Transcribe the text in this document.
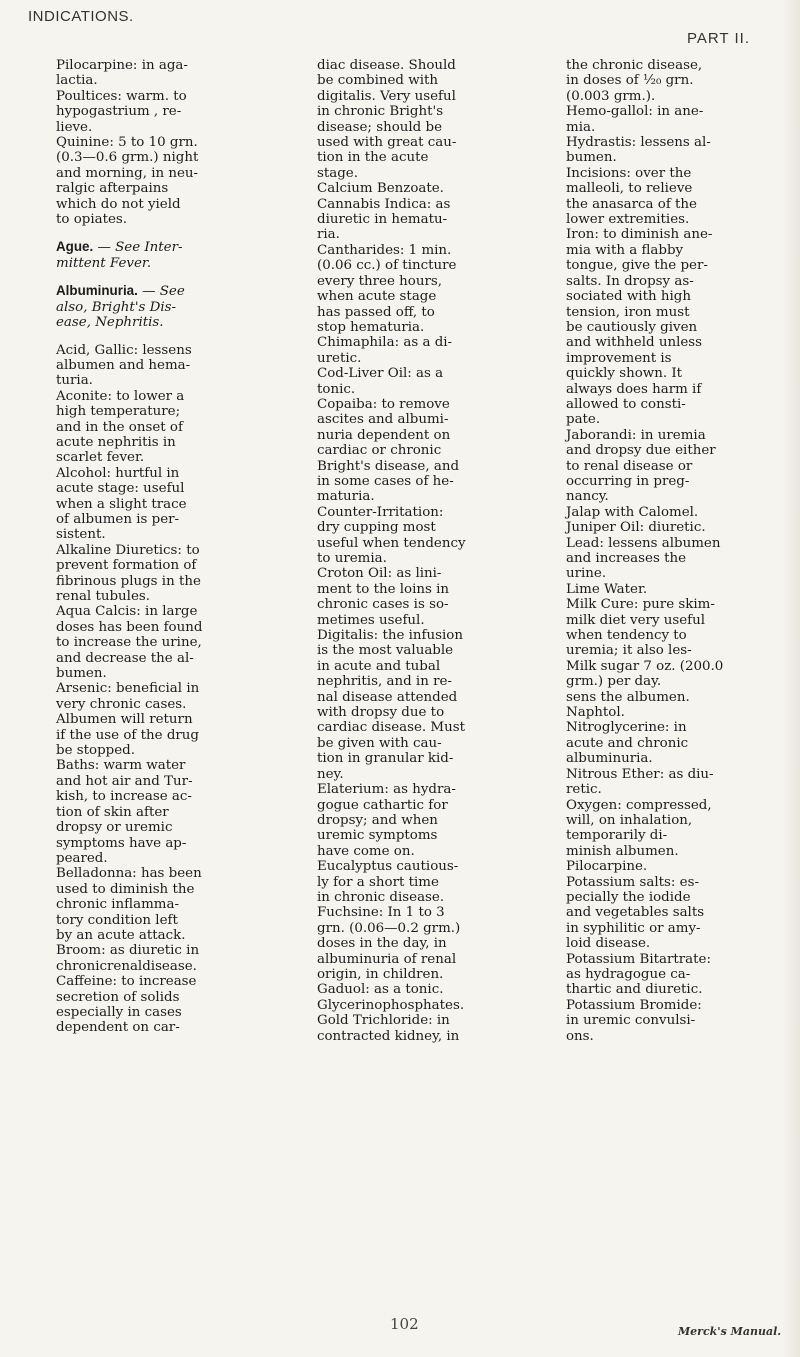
INDICATIONS.
PART II.

Pilocarpine: in aga-
lactia.

Poultices: warm. to
hypogastrium , re-
lieve.

Quinine: 5 to 10 grn.
(0.3—0.6 grm.) night
and morning, in neu-
ralgic afterpains
which do not yield
to opiates.

Ague. — See Inter-
mittent Fever.

Albuminuria. — See
also, Bright's Dis-
ease, Nephritis.

Acid, Gallic: lessens
albumen and hema-
turia.

Aconite: to lower a
high temperature;
and in the onset of
acute nephritis in
scarlet fever.

Alcohol: hurtful in
acute stage: useful
when a slight trace
of albumen is per-
sistent.

Alkaline Diuretics: to
prevent formation of
fibrinous plugs in the
renal tubules.

Aqua Calcis: in large
doses has been found
to increase the urine,
and decrease the al-
bumen.

Arsenic: beneficial in
very chronic cases.
Albumen will return
if the use of the drug
be stopped.

Baths: warm water
and hot air and Tur-
kish, to increase ac-
tion of skin after
dropsy or uremic
symptoms have ap-
peared.

Belladonna: has been
used to diminish the
chronic inflamma-
tory condition left
by an acute attack.

Broom: as diuretic in
chronicrenaldisease.

Caffeine: to increase
secretion of solids
especially in cases
dependent on car-

diac disease. Should
be combined with
digitalis. Very useful
in chronic Bright's
disease; should be
used with great cau-
tion in the acute
stage.

Calcium Benzoate.

Cannabis Indica: as
diuretic in hematu-
ria.

Cantharides: 1 min.
(0.06 cc.) of tincture
every three hours,
when acute stage
has passed off, to
stop hematuria.

Chimaphila: as a di-
uretic.

Cod-Liver Oil: as a
tonic.

Copaiba: to remove
ascites and albumi-
nuria dependent on
cardiac or chronic
Bright's disease, and
in some cases of he-
maturia.

Counter-Irritation:
dry cupping most
useful when tendency
to uremia.

Croton Oil: as lini-
ment to the loins in
chronic cases is so-
metimes useful.

Digitalis: the infusion
is the most valuable
in acute and tubal
nephritis, and in re-
nal disease attended
with dropsy due to
cardiac disease. Must
be given with cau-
tion in granular kid-
ney.

Elaterium: as hydra-
gogue cathartic for
dropsy; and when
uremic symptoms
have come on.

Eucalyptus cautious-
ly for a short time
in chronic disease.

Fuchsine: In 1 to 3
grn. (0.06—0.2 grm.)
doses in the day, in
albuminuria of renal
origin, in children.

Gaduol: as a tonic.

Glycerinophosphates.

Gold Trichloride: in
contracted kidney, in

the chronic disease,
in doses of ¹⁄₂₀ grn.
(0.003 grm.).

Hemo-gallol: in ane-
mia.

Hydrastis: lessens al-
bumen.

Incisions: over the
malleoli, to relieve
the anasarca of the
lower extremities.

Iron: to diminish ane-
mia with a flabby
tongue, give the per-
salts. In dropsy as-
sociated with high
tension, iron must
be cautiously given
and withheld unless
improvement is
quickly shown. It
always does harm if
allowed to consti-
pate.

Jaborandi: in uremia
and dropsy due either
to renal disease or
occurring in preg-
nancy.

Jalap with Calomel.

Juniper Oil: diuretic.

Lead: lessens albumen
and increases the
urine.

Lime Water.

Milk Cure: pure skim-
milk diet very useful
when tendency to
uremia; it also les-

Milk sugar 7 oz. (200.0
grm.) per day.

sens the albumen.

Naphtol.

Nitroglycerine: in
acute and chronic
albuminuria.

Nitrous Ether: as diu-
retic.

Oxygen: compressed,
will, on inhalation,
temporarily di-
minish albumen.

Pilocarpine.

Potassium salts: es-
pecially the iodide
and vegetables salts
in syphilitic or amy-
loid disease.

Potassium Bitartrate:
as hydragogue ca-
thartic and diuretic.

Potassium Bromide:
in uremic convulsi-
ons.

102	Merck's Manual.
